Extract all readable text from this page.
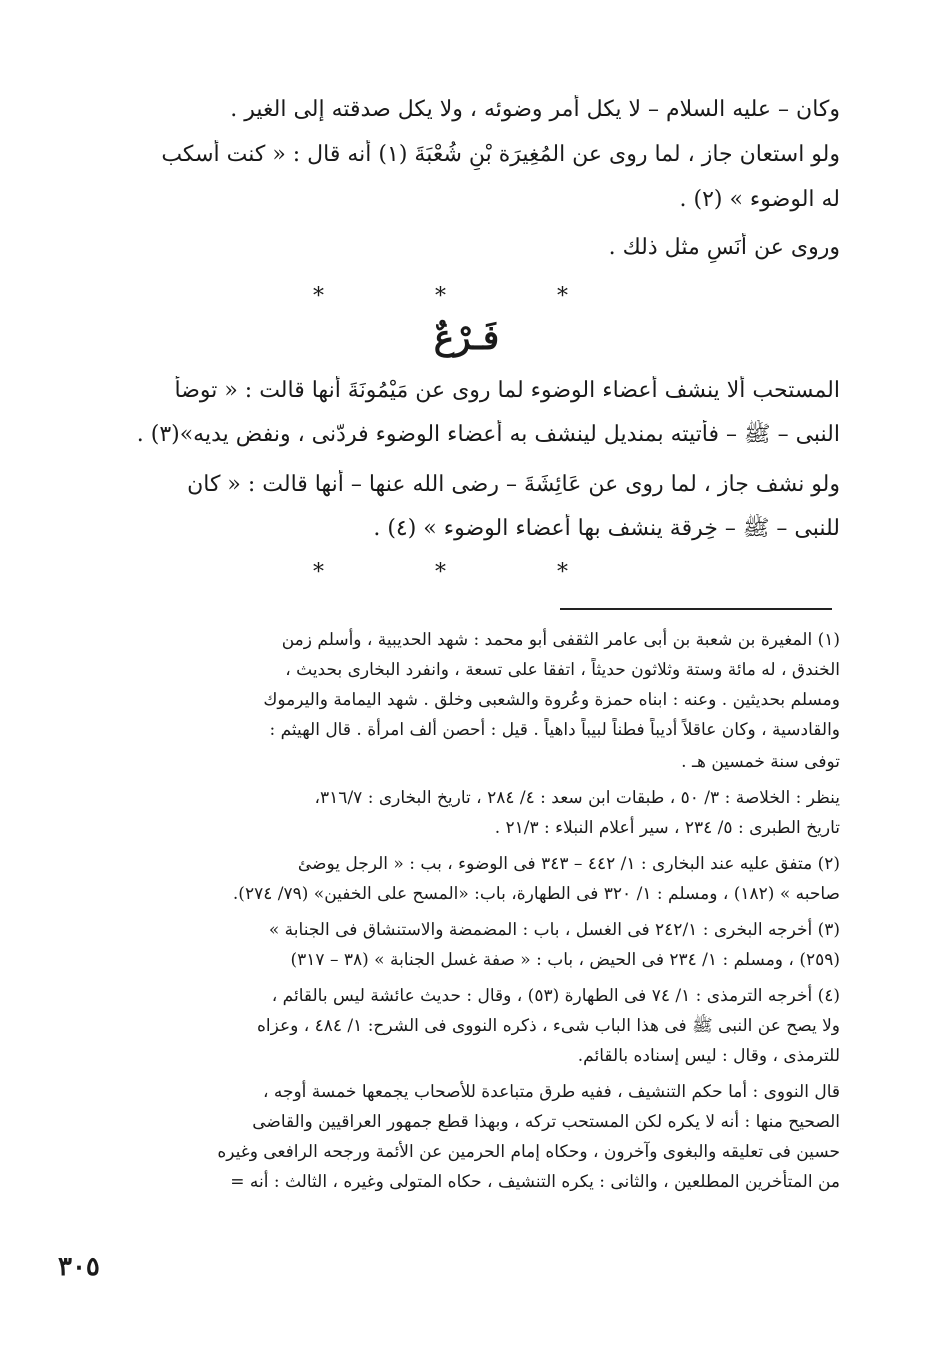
وكان – عليه السلام – لا يكل أمر وضوئه ، ولا يكل صدقته إلى الغير .
ولو استعان جاز ، لما روى عن المُغِيرَة بْنِ شُعْبَةَ (١) أنه قال : « كنت أسكب
له الوضوء » (٢) .
وروى عن أَنَسٍ مثل ذلك .
* * *
فَـرْعٌ
المستحب ألا ينشف أعضاء الوضوء لما روى عن مَيْمُونَةَ أنها قالت : « توضأ
النبى – ﷺ – فأتيته بمنديل لينشف به أعضاء الوضوء فردّنى ، ونفض يديه»(٣) .
ولو نشف جاز ، لما روى عن عَائِشَةَ – رضى الله عنها – أنها قالت : « كان
للنبى – ﷺ – خِرقة ينشف بها أعضاء الوضوء » (٤) .
* * *
(١) المغيرة بن شعبة بن أبى عامر الثقفى أبو محمد : شهد الحديبية ، وأسلم زمن
الخندق ، له مائة وستة وثلاثون حديثاً ، اتفقا على تسعة ، وانفرد البخارى بحديث ،
ومسلم بحديثين . وعنه : ابناه حمزة وعُروة والشعبى وخلق . شهد اليمامة واليرموك
والقادسية ، وكان عاقلاً أديباً فطناً لبيباً داهياً . قيل : أحصن ألف امرأة . قال الهيثم :
توفى سنة خمسين هـ .
ينظر : الخلاصة : ٣/ ٥٠ ، طبقات ابن سعد : ٤/ ٢٨٤ ، تاريخ البخارى : ٣١٦/٧،
تاريخ الطبرى : ٥/ ٢٣٤ ، سير أعلام النبلاء : ٢١/٣ .
(٢) متفق عليه عند البخارى : ١/ ٤٤٢ – ٣٤٣ فى الوضوء ، بب : « الرجل يوضئ
صاحبه » (١٨٢) ، ومسلم : ١/ ٣٢٠ فى الطهارة، باب: «المسح على الخفين» (٧٩/ ٢٧٤).
(٣) أخرجه البخرى : ٢٤٢/١ فى الغسل ، باب : المضمضة والاستنشاق فى الجنابة »
(٢٥٩) ، ومسلم : ١/ ٢٣٤ فى الحيض ، باب : « صفة غسل الجنابة » (٣٨ – ٣١٧)
(٤) أخرجه الترمذى : ١/ ٧٤ فى الطهارة (٥٣) ، وقال : حديث عائشة ليس بالقائم ،
ولا يصح عن النبى ﷺ فى هذا الباب شىء ، ذكره النووى فى الشرح: ١/ ٤٨٤ ، وعزاه
للترمذى ، وقال : ليس إسناده بالقائم.
قال النووى : أما حكم التنشيف ، ففيه طرق متباعدة للأصحاب يجمعها خمسة أوجه ،
الصحيح منها : أنه لا يكره لكن المستحب تركه ، وبهذا قطع جمهور العراقيين والقاضى
حسين فى تعليقه والبغوى وآخرون ، وحكاه إمام الحرمين عن الأئمة ورجحه الرافعى وغيره
من المتأخرين المطلعين ، والثانى : يكره التنشيف ، حكاه المتولى وغيره ، الثالث : أنه =
٣٠٥
